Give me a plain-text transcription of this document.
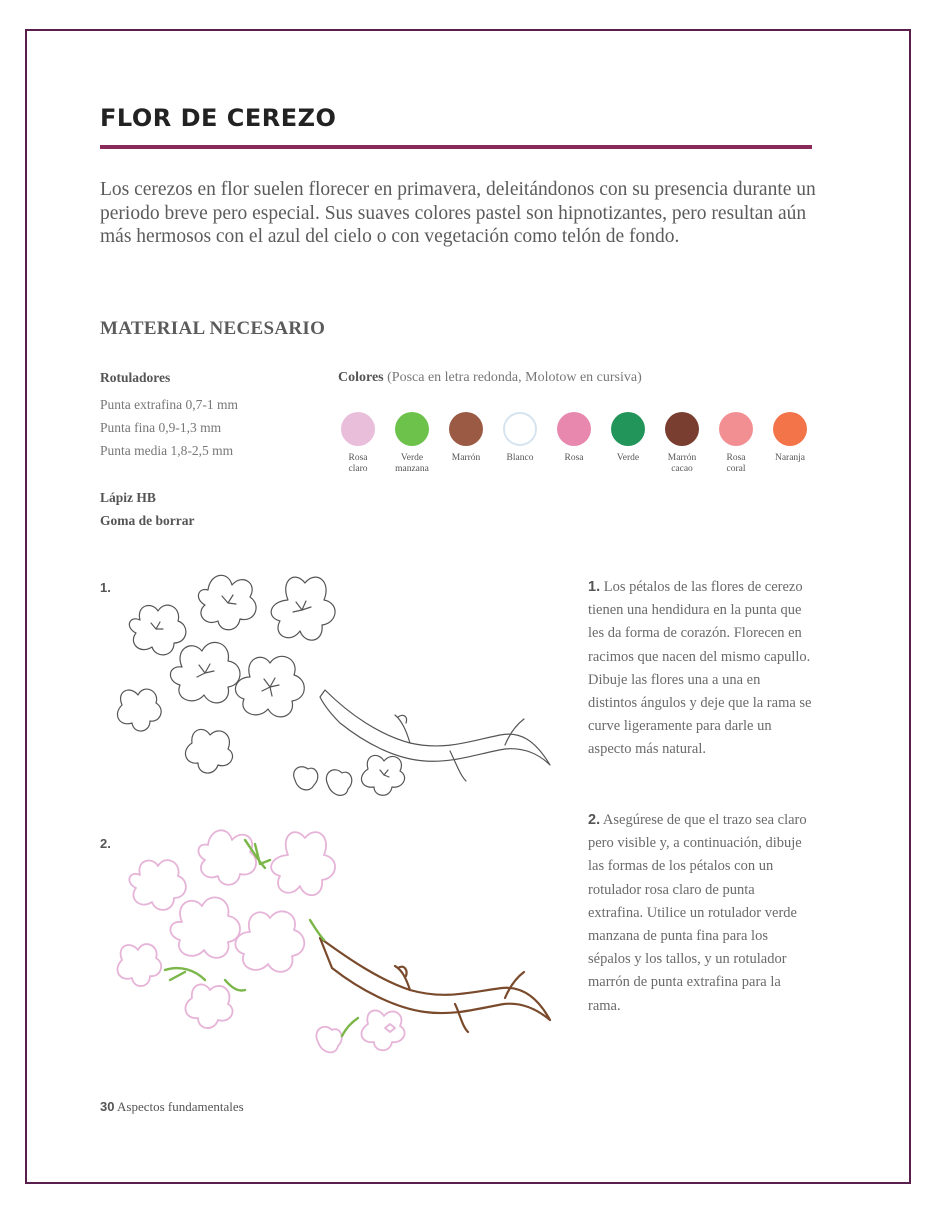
FLOR DE CEREZO

Los cerezos en flor suelen florecer en primavera, deleitándonos con su presencia durante un periodo breve pero especial. Sus suaves colores pastel son hipnotizantes, pero resultan aún más hermosos con el azul del cielo o con vegetación como telón de fondo.

MATERIAL NECESARIO
Rotuladores
Punta extrafina 0,7-1 mm
Punta fina 0,9-1,3 mm
Punta media 1,8-2,5 mm
Lápiz HB
Goma de borrar
Colores (Posca en letra redonda, Molotow en cursiva)
Rosa
claro
Verde
manzana
Marrón	Blanco	Rosa	Verde	Marrón
cacao
Rosa
coral
Naranja
1.
2.

1. Los pétalos de las flores de cerezo tienen una hendidura en la punta que les da forma de corazón. Florecen en racimos que nacen del mismo capullo. Dibuje las flores una a una en distintos ángulos y deje que la rama se curve ligeramente para darle un aspecto más natural.

2. Asegúrese de que el trazo sea claro pero visible y, a continuación, dibuje las formas de los pétalos con un rotulador rosa claro de punta extrafina. Utilice un rotulador verde manzana de punta fina para los sépalos y los tallos, y un rotulador marrón de punta extrafina para la rama.

30 Aspectos fundamentales
